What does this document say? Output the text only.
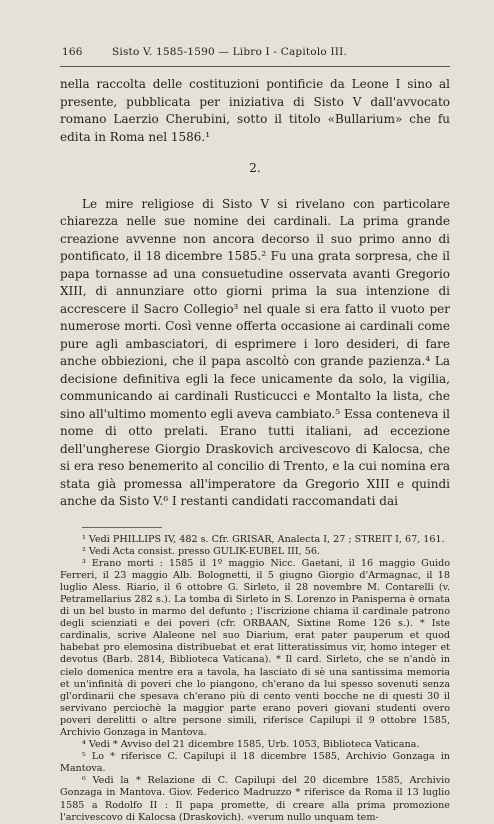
166	Sisto V. 1585-1590 — Libro I - Capitolo III.

nella raccolta delle costituzioni pontificie da Leone I sino al presente, pubblicata per iniziativa di Sisto V dall'avvocato romano Laerzio Cherubini, sotto il titolo «Bullarium» che fu edita in Roma nel 1586.¹

2.

Le mire religiose di Sisto V si rivelano con particolare chiarezza nelle sue nomine dei cardinali. La prima grande creazione avvenne non ancora decorso il suo primo anno di pontificato, il 18 dicembre 1585.² Fu una grata sorpresa, che il papa tornasse ad una consuetudine osservata avanti Gregorio XIII, di annunziare otto giorni prima la sua intenzione di accrescere il Sacro Collegio³ nel quale si era fatto il vuoto per numerose morti. Così venne offerta occasione ai cardinali come pure agli ambasciatori, di esprimere i loro desideri, di fare anche obbiezioni, che il papa ascoltò con grande pazienza.⁴ La decisione definitiva egli la fece unicamente da solo, la vigilia, communicando ai cardinali Rusticucci e Montalto la lista, che sino all'ultimo momento egli aveva cambiato.⁵ Essa conteneva il nome di otto prelati. Erano tutti italiani, ad eccezione dell'ungherese Giorgio Draskovich arcivescovo di Kalocsa, che si era reso benemerito al concilio di Trento, e la cui nomina era stata già promessa all'imperatore da Gregorio XIII e quindi anche da Sisto V.⁶ I restanti candidati raccomandati dai

¹ Vedi PHILLIPS IV, 482 s. Cfr. GRISAR, Analecta I, 27 ; STREIT I, 67, 161.

² Vedi Acta consist. presso GULIK-EUBEL III, 56.

³ Erano morti : 1585 il 1º maggio Nicc. Gaetani, il 16 maggio Guido Ferreri, il 23 maggio Alb. Bolognetti, il 5 giugno Giorgio d'Armagnac, il 18 luglio Aless. Riario, il 6 ottobre G. Sirleto, il 28 novembre M. Contarelli (v. Petramellarius 282 s.). La tomba di Sirleto in S. Lorenzo in Panisperna è ornata di un bel busto in marmo del defunto ; l'iscrizione chiama il cardinale patrono degli scienziati e dei poveri (cfr. ORBAAN, Sixtine Rome 126 s.). * Iste cardinalis, scrive Alaleone nel suo Diarium, erat pater pauperum et quod habebat pro elemosina distribuebat et erat litteratissimus vir, homo integer et devotus (Barb. 2814, Biblioteca Vaticana). * Il card. Sirleto, che se n'andò in cielo domenica mentre era a tavola, ha lasciato di sè una santissima memoria et un'infinità di poveri che lo piangono, ch'erano da lui spesso sovenuti senza gl'ordinarii che spesava ch'erano più di cento venti bocche ne di questi 30 il servivano perciochè la maggior parte erano poveri giovani studenti overo poveri derelitti o altre persone simili, riferisce Capilupi il 9 ottobre 1585, Archivio Gonzaga in Mantova.

⁴ Vedi * Avviso del 21 dicembre 1585, Urb. 1053, Biblioteca Vaticana.

⁵ Lo * riferisce C. Capilupi il 18 dicembre 1585, Archivio Gonzaga in Mantova.

⁶ Vedi la * Relazione di C. Capilupi del 20 dicembre 1585, Archivio Gonzaga in Mantova. Giov. Federico Madruzzo * riferisce da Roma il 13 luglio 1585 a Rodolfo II : Il papa promette, di creare alla prima promozione l'arcivescovo di Kalocsa (Draskovich). «verum nullo unquam tem-
